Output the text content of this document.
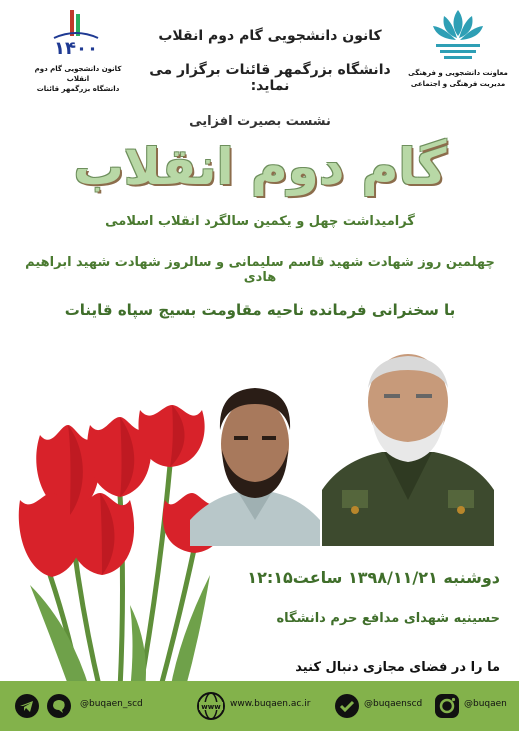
۱۴۰۰
کانون دانشجویی گام دوم انقلاب
دانشگاه بزرگمهر قائنات
معاونت دانشجویی و فرهنگی
مدیریت فرهنگی و اجتماعی
کانون دانشجویی گام دوم انقلاب
دانشگاه بزرگمهر قائنات برگزار می نماید:
نشست بصیرت افزایی
گام دوم انقلاب
گرامیداشت چهل و یکمین سالگرد انقلاب اسلامی
چهلمین روز شهادت شهید قاسم سلیمانی و سالروز شهادت شهید ابراهیم هادی
با سخنرانی فرمانده ناحیه مقاومت بسیج سپاه قاینات
دوشنبه ۱۳۹۸/۱۱/۲۱ ساعت۱۲:۱۵
حسینیه شهدای مدافع حرم دانشگاه
ما را در فضای مجازی دنبال کنید
@buqaen_scd	www www.buqaen.ac.ir	@buqaenscd	@buqaen
